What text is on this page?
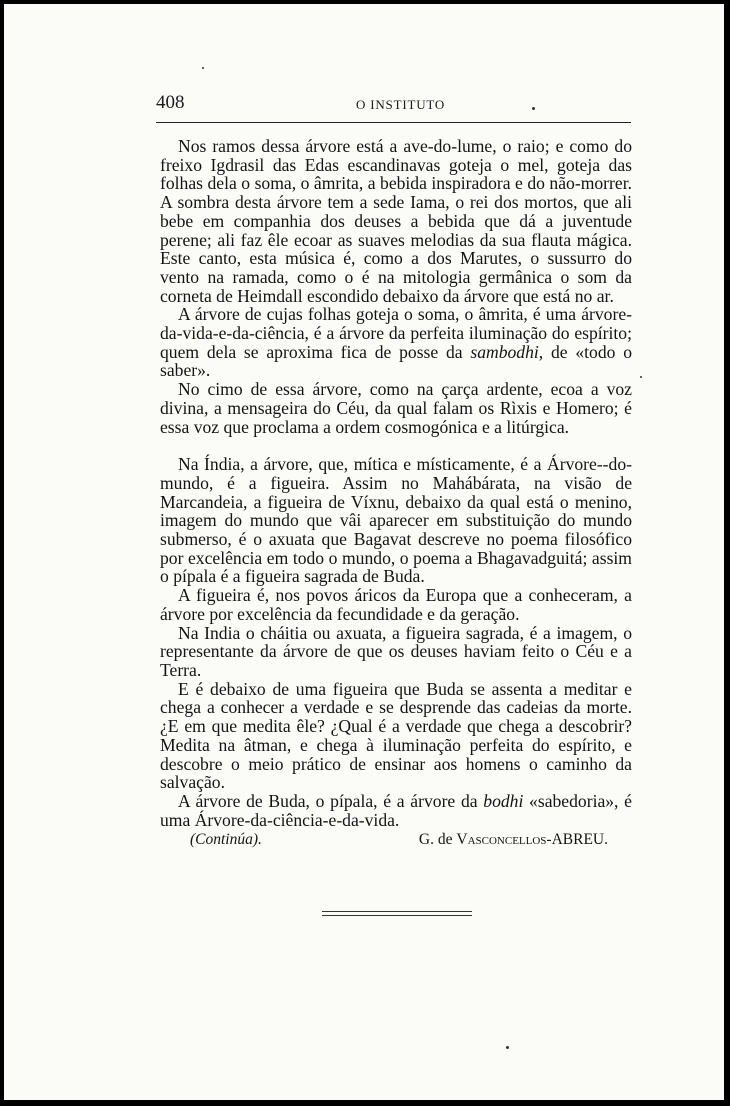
408	O INSTITUTO

Nos ramos dessa árvore está a ave-do-lume, o raio; e como do freixo Igdrasil das Edas escandinavas goteja o mel, goteja das folhas dela o soma, o âmrita, a bebida inspiradora e do não-morrer. A sombra desta árvore tem a sede Iama, o rei dos mortos, que ali bebe em companhia dos deuses a bebida que dá a juventude perene; ali faz êle ecoar as suaves melodias da sua flauta mágica. Este canto, esta música é, como a dos Marutes, o sussurro do vento na ramada, como o é na mitologia germânica o som da corneta de Heimdall escondido debaixo da árvore que está no ar.

A árvore de cujas folhas goteja o soma, o âmrita, é uma árvore-da-vida-e-da-ciência, é a árvore da perfeita iluminação do espírito; quem dela se aproxima fica de posse da sambodhi, de «todo o saber».

No cimo de essa árvore, como na çarça ardente, ecoa a voz divina, a mensageira do Céu, da qual falam os Rìxis e Homero; é essa voz que proclama a ordem cosmogónica e a litúrgica.

Na Índia, a árvore, que, mítica e místicamente, é a Árvore--do-mundo, é a figueira. Assim no Mahábárata, na visão de Marcandeia, a figueira de Víxnu, debaixo da qual está o menino, imagem do mundo que vâi aparecer em substituição do mundo submerso, é o axuata que Bagavat descreve no poema filosófico por excelência em todo o mundo, o poema a Bhagavadguitá; assim o pípala é a figueira sagrada de Buda.

A figueira é, nos povos áricos da Europa que a conheceram, a árvore por excelência da fecundidade e da geração.

Na India o cháitia ou axuata, a figueira sagrada, é a imagem, o representante da árvore de que os deuses haviam feito o Céu e a Terra.

E é debaixo de uma figueira que Buda se assenta a meditar e chega a conhecer a verdade e se desprende das cadeias da morte. ¿E em que medita êle? ¿Qual é a verdade que chega a descobrir? Medita na âtman, e chega à iluminação perfeita do espírito, e descobre o meio prático de ensinar aos homens o caminho da salvação.

A árvore de Buda, o pípala, é a árvore da bodhi «sabedoria», é uma Árvore-da-ciência-e-da-vida.

(Continúa).	G. de Vasconcellos-ABREU.
